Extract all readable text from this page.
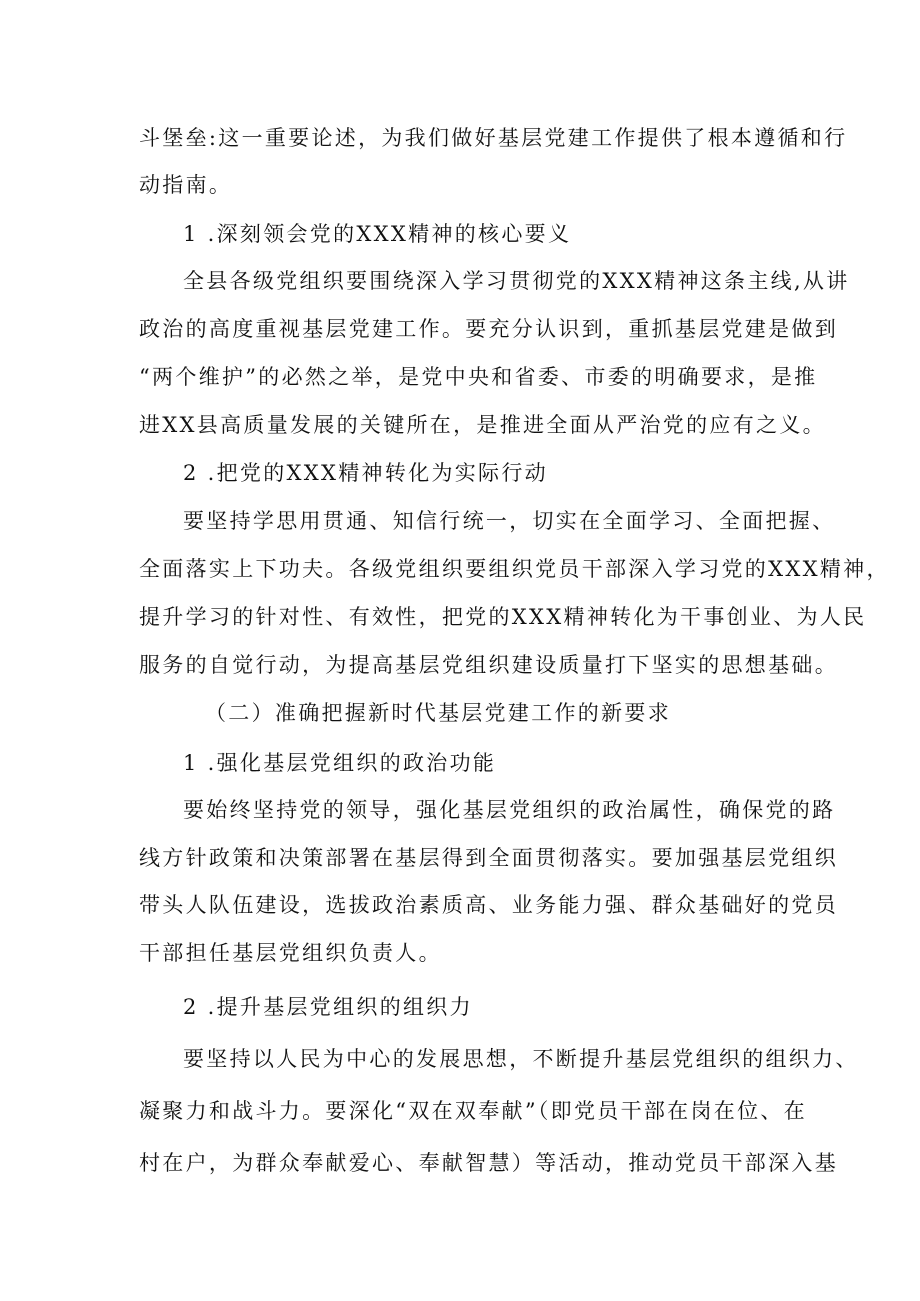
斗堡垒:这一重要论述，为我们做好基层党建工作提供了根本遵循和行
动指南。
1 .深刻领会党的XXX精神的核心要义
全县各级党组织要围绕深入学习贯彻党的XXX精神这条主线,从讲
政治的高度重视基层党建工作。要充分认识到，重抓基层党建是做到
“两个维护”的必然之举，是党中央和省委、市委的明确要求，是推
进XX县高质量发展的关键所在，是推进全面从严治党的应有之义。
2 .把党的XXX精神转化为实际行动
要坚持学思用贯通、知信行统一，切实在全面学习、全面把握、
全面落实上下功夫。各级党组织要组织党员干部深入学习党的XXX精神，
提升学习的针对性、有效性，把党的XXX精神转化为干事创业、为人民
服务的自觉行动，为提高基层党组织建设质量打下坚实的思想基础。
（二）准确把握新时代基层党建工作的新要求
1 .强化基层党组织的政治功能
要始终坚持党的领导，强化基层党组织的政治属性，确保党的路
线方针政策和决策部署在基层得到全面贯彻落实。要加强基层党组织
带头人队伍建设，选拔政治素质高、业务能力强、群众基础好的党员
干部担任基层党组织负责人。
2 .提升基层党组织的组织力
要坚持以人民为中心的发展思想，不断提升基层党组织的组织力、
凝聚力和战斗力。要深化“双在双奉献”（即党员干部在岗在位、在
村在户，为群众奉献爱心、奉献智慧）等活动，推动党员干部深入基
